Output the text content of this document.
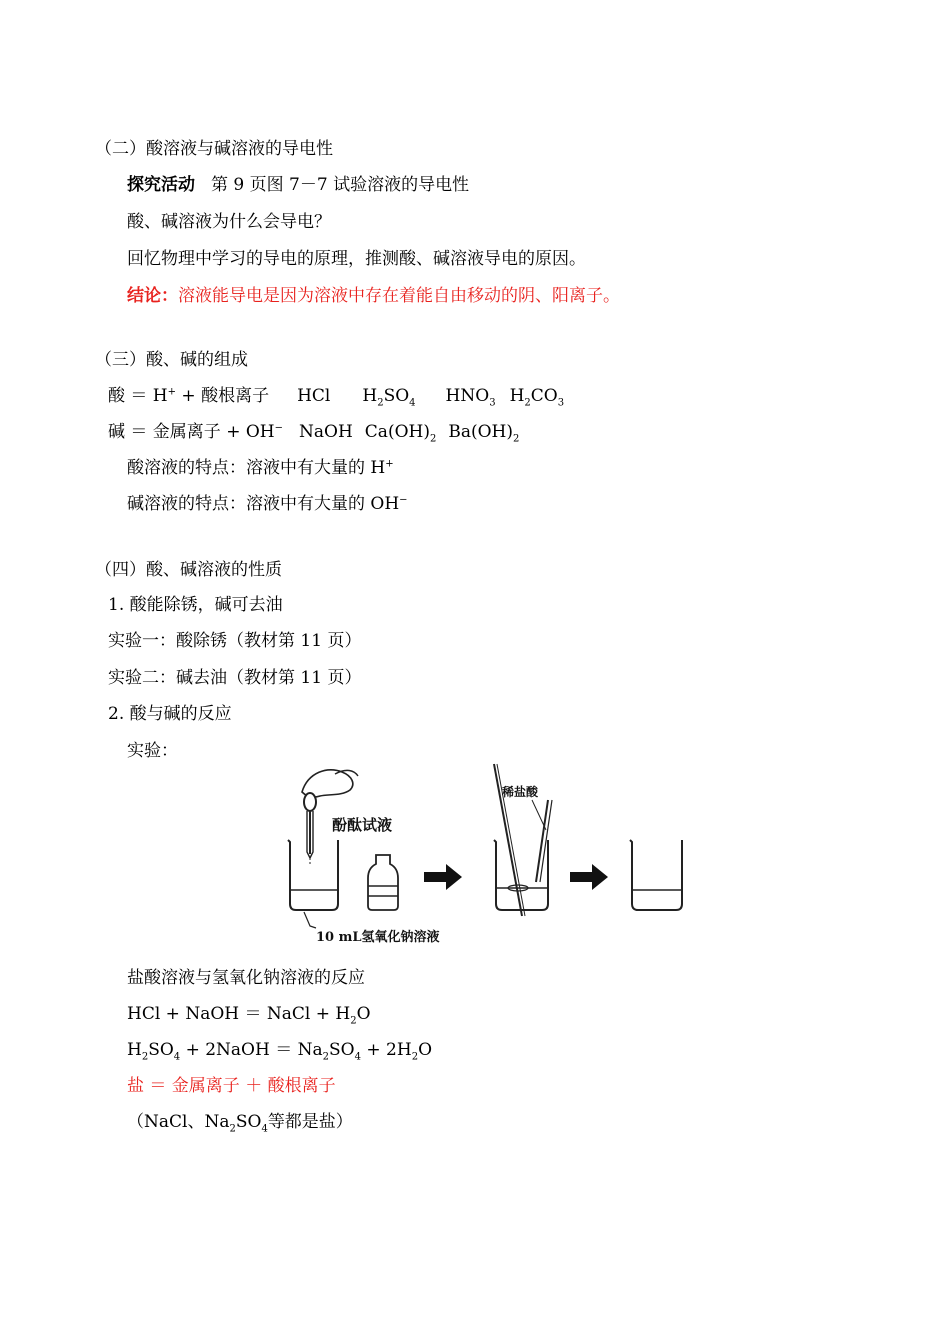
（二）酸溶液与碱溶液的导电性
探究活动 第 9 页图 7－7 试验溶液的导电性
酸、碱溶液为什么会导电？
回忆物理中学习的导电的原理，推测酸、碱溶液导电的原因。
结论：溶液能导电是因为溶液中存在着能自由移动的阴、阳离子。
（三）酸、碱的组成
酸 ＝ H+ + 酸根离子 HCl $H_2SO_4$ $HNO_3$ $H_2CO_3$
碱 ＝ 金属离子 + OH− NaOH $Ca(OH)_2$ $Ba(OH)_2$
酸溶液的特点：溶液中有大量的 H+
碱溶液的特点：溶液中有大量的 OH−
（四）酸、碱溶液的性质
1. 酸能除锈，碱可去油
实验一：酸除锈（教材第 11 页）
实验二：碱去油（教材第 11 页）
2. 酸与碱的反应
实验：
酚酞试液
稀盐酸
10 mL氢氧化钠溶液
盐酸溶液与氢氧化钠溶液的反应
HCl + NaOH ＝ NaCl + $H_2O$
$H_2SO_4$ + 2NaOH ＝ $Na_2SO_4 + 2H_2O$
盐 ＝ 金属离子 ＋ 酸根离子
（NaCl、$Na_2SO_4$等都是盐）
